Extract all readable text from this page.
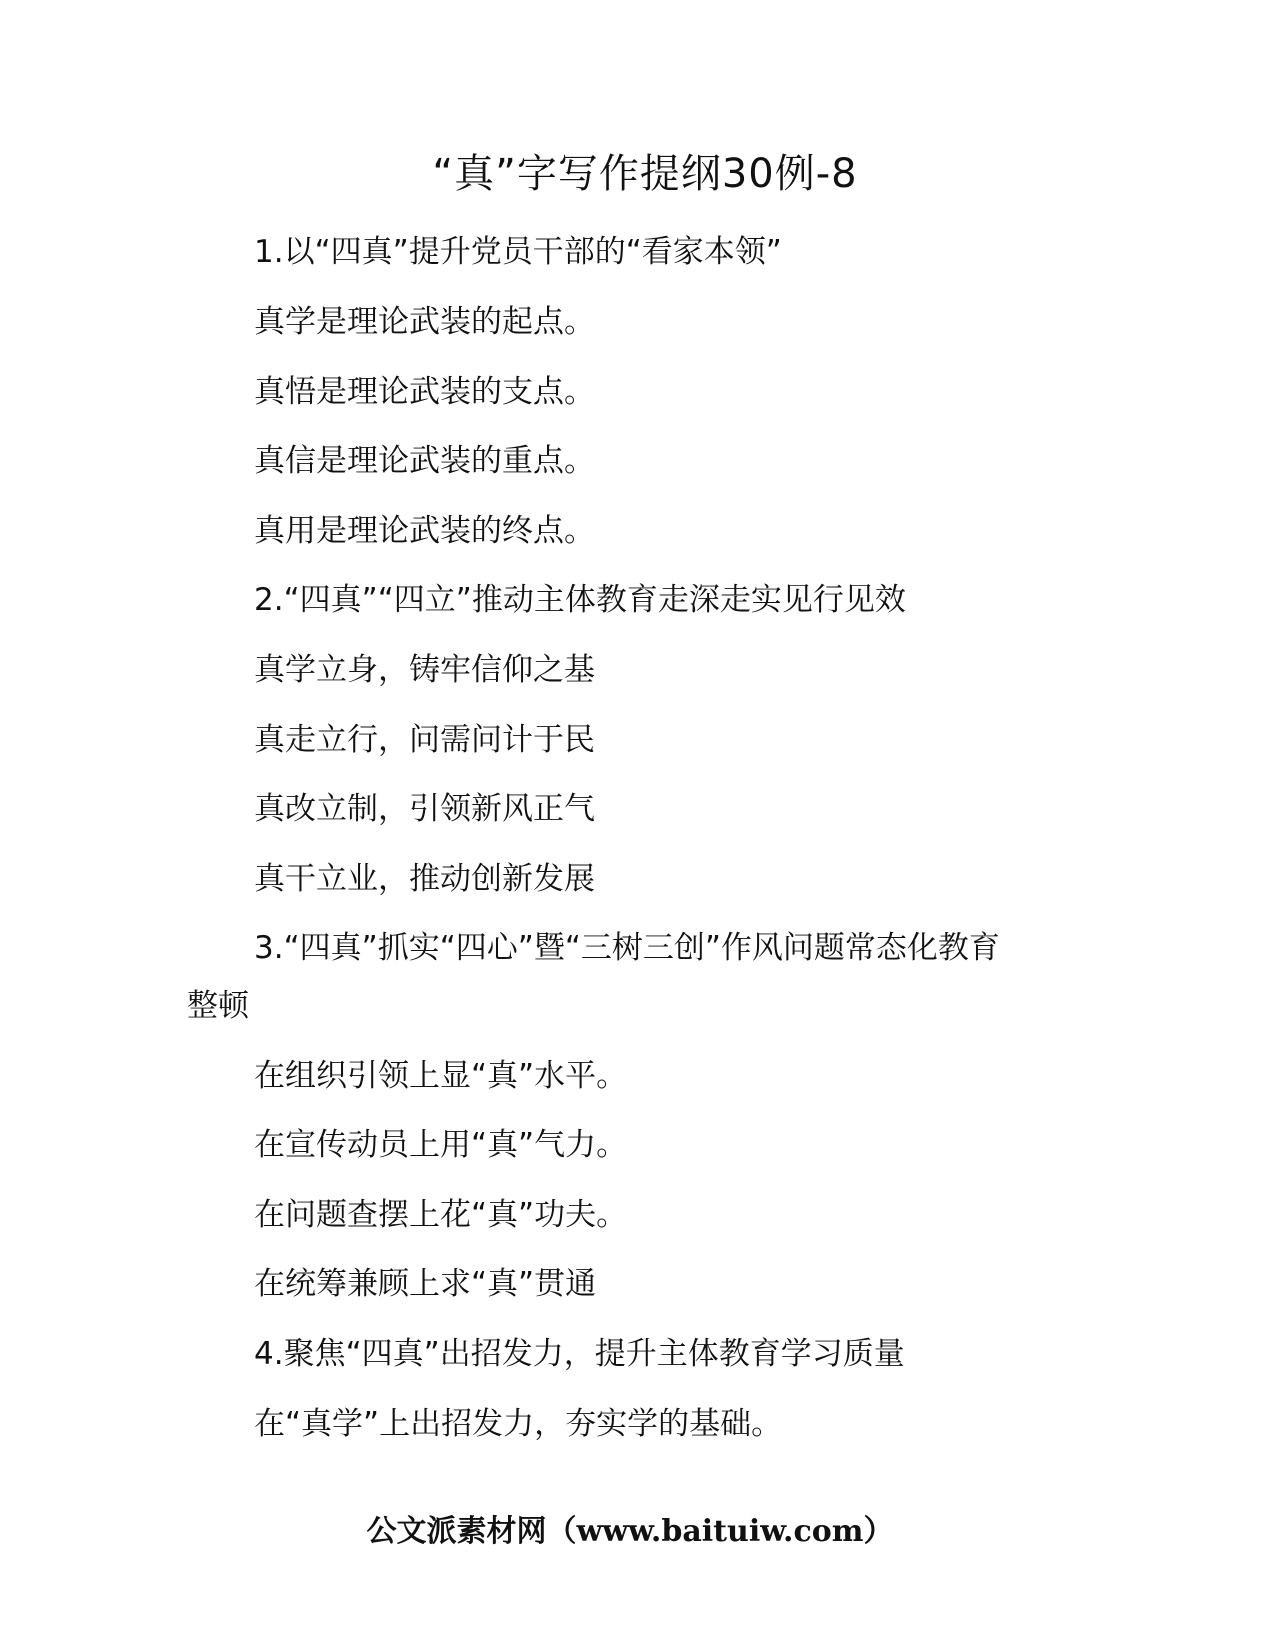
“真”字写作提纲30例-8
1.以“四真”提升党员干部的“看家本领”
真学是理论武装的起点。
真悟是理论武装的支点。
真信是理论武装的重点。
真用是理论武装的终点。
2.“四真”“四立”推动主体教育走深走实见行见效
真学立身，铸牢信仰之基
真走立行，问需问计于民
真改立制，引领新风正气
真干立业，推动创新发展
3.“四真”抓实“四心”暨“三树三创”作风问题常态化教育
整顿
在组织引领上显“真”水平。
在宣传动员上用“真”气力。
在问题查摆上花“真”功夫。
在统筹兼顾上求“真”贯通
4.聚焦“四真”出招发力，提升主体教育学习质量
在“真学”上出招发力，夯实学的基础。
公文派素材网（www.baituiw.com）
